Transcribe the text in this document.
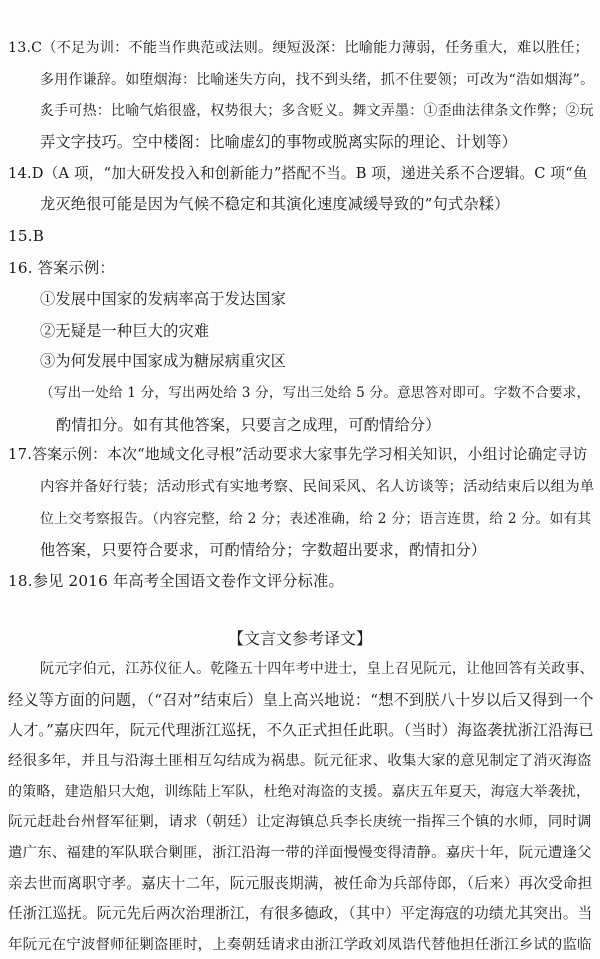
13.C（不足为训：不能当作典范或法则。绠短汲深：比喻能力薄弱，任务重大，难以胜任；
多用作谦辞。如堕烟海：比喻迷失方向，找不到头绪，抓不住要领；可改为“浩如烟海”。
炙手可热：比喻气焰很盛，权势很大；多含贬义。舞文弄墨：①歪曲法律条文作弊；②玩
弄文字技巧。空中楼阁：比喻虚幻的事物或脱离实际的理论、计划等）
14.D（A 项，“加大研发投入和创新能力”搭配不当。B 项，递进关系不合逻辑。C 项“鱼
龙灭绝很可能是因为气候不稳定和其演化速度减缓导致的”句式杂糅）
15.B
16. 答案示例：
①发展中国家的发病率高于发达国家
②无疑是一种巨大的灾难
③为何发展中国家成为糖尿病重灾区
（写出一处给 1 分，写出两处给 3 分，写出三处给 5 分。意思答对即可。字数不合要求，
酌情扣分。如有其他答案，只要言之成理，可酌情给分）
17.答案示例：本次“地域文化寻根”活动要求大家事先学习相关知识，小组讨论确定寻访
内容并备好行装；活动形式有实地考察、民间采风、名人访谈等；活动结束后以组为单
位上交考察报告。（内容完整，给 2 分；表述准确，给 2 分；语言连贯，给 2 分。如有其
他答案，只要符合要求，可酌情给分；字数超出要求，酌情扣分）
18.参见 2016 年高考全国语文卷作文评分标准。
【文言文参考译文】
阮元字伯元，江苏仪征人。乾隆五十四年考中进士，皇上召见阮元，让他回答有关政事、
经义等方面的问题，（“召对”结束后）皇上高兴地说：“想不到朕八十岁以后又得到一个
人才。”嘉庆四年，阮元代理浙江巡抚，不久正式担任此职。（当时）海盗袭扰浙江沿海已
经很多年，并且与沿海土匪相互勾结成为祸患。阮元征求、收集大家的意见制定了消灭海盗
的策略，建造船只大炮，训练陆上军队，杜绝对海盗的支援。嘉庆五年夏天，海寇大举袭扰，
阮元赶赴台州督军征剿，请求（朝廷）让定海镇总兵李长庚统一指挥三个镇的水师，同时调
遣广东、福建的军队联合剿匪，浙江沿海一带的洋面慢慢变得清静。嘉庆十年，阮元遭逢父
亲去世而离职守孝。嘉庆十二年，阮元服丧期满，被任命为兵部侍郎，（后来）再次受命担
任浙江巡抚。阮元先后两次治理浙江，有很多德政，（其中）平定海寇的功绩尤其突出。当
年阮元在宁波督师征剿盗匪时，上奏朝廷请求由浙江学政刘凤诰代替他担任浙江乡试的监临
